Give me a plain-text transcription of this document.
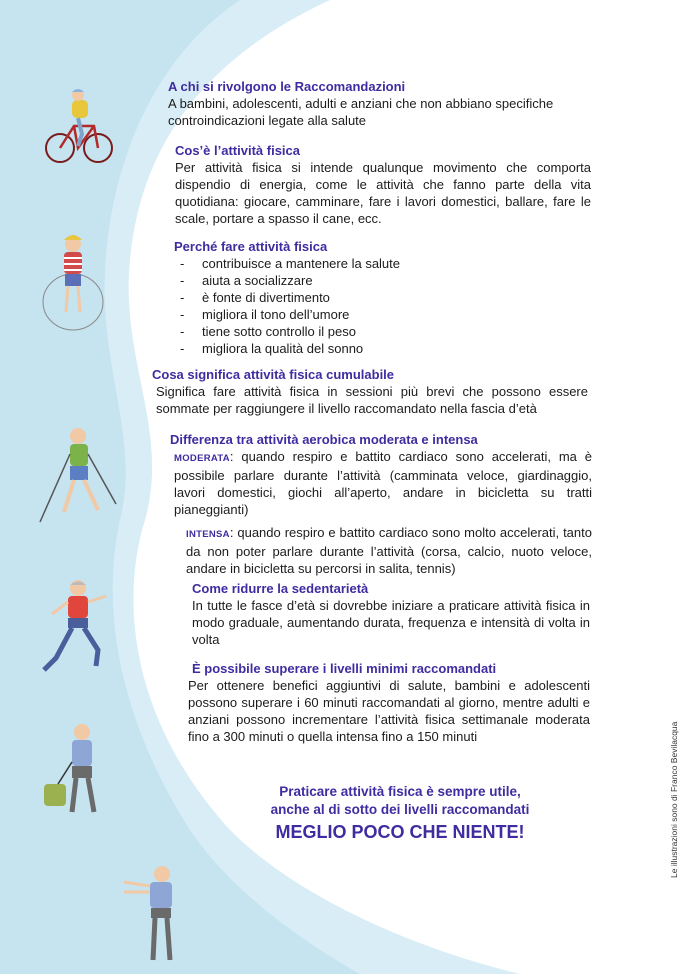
A chi si rivolgono le Raccomandazioni

A bambini, adolescenti, adulti e anziani che non abbiano specifiche controindicazioni legate alla salute

Cos’è l’attività fisica

Per attività fisica si intende qualunque movimento che comporta dispendio di energia, come le attività che fanno parte della vita quotidiana: giocare, camminare, fare i lavori domestici, ballare, fare le scale, portare a spasso il cane, ecc.

Perché fare attività fisica

- contribuisce a mantenere la salute
- aiuta a socializzare
- è fonte di divertimento
- migliora il tono dell’umore
- tiene sotto controllo il peso
- migliora la qualità del sonno

Cosa significa attività fisica cumulabile

Significa fare attività fisica in sessioni più brevi che possono essere sommate per raggiungere il livello raccomandato nella fascia d’età

Differenza tra attività aerobica moderata e intensa

MODERATA: quando respiro e battito cardiaco sono accelerati, ma è possibile parlare durante l’attività (camminata veloce, giardinaggio, lavori domestici, giochi all’aperto, andare in bicicletta su tratti pianeggianti)

INTENSA: quando respiro e battito cardiaco sono molto accelerati, tanto da non poter parlare durante l’attività (corsa, calcio, nuoto veloce, andare in bicicletta su percorsi in salita, tennis)

Come ridurre la sedentarietà

In tutte le fasce d’età si dovrebbe iniziare a praticare attività fisica in modo graduale, aumentando durata, frequenza e intensità di volta in volta

È possibile superare i livelli minimi raccomandati

Per ottenere benefici aggiuntivi di salute, bambini e adolescenti possono superare i 60 minuti raccomandati al giorno, mentre adulti e anziani possono incrementare l’attività fisica settimanale moderata fino a 300 minuti o quella intensa fino a 150 minuti

Praticare attività fisica è sempre utile,
anche al di sotto dei livelli raccomandati
MEGLIO POCO CHE NIENTE!	Le illustrazioni sono di Franco Bevilacqua
